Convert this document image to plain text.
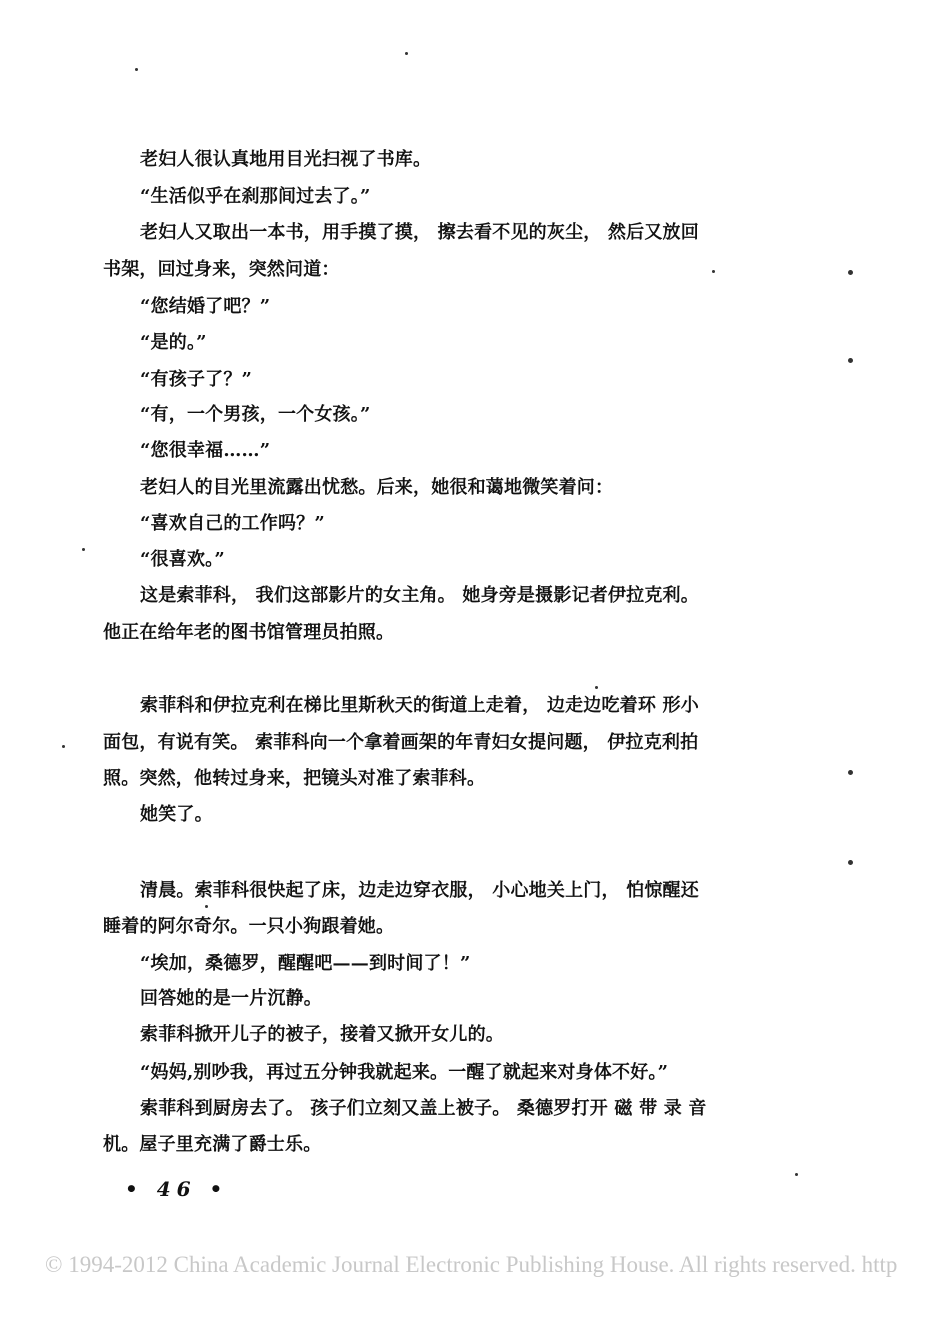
老妇人很认真地用目光扫视了书库。
“生活似乎在刹那间过去了。”
老妇人又取出一本书，用手摸了摸， 擦去看不见的灰尘， 然后又放回
书架，回过身来，突然问道：
“您结婚了吧？”
“是的。”
“有孩子了？”
“有，一个男孩，一个女孩。”
“您很幸福……”
老妇人的目光里流露出忧愁。后来，她很和蔼地微笑着问：
“喜欢自己的工作吗？”
“很喜欢。”
这是索菲科， 我们这部影片的女主角。 她身旁是摄影记者伊拉克利。
他正在给年老的图书馆管理员拍照。
索菲科和伊拉克利在梯比里斯秋天的街道上走着， 边走边吃着环 形小
面包，有说有笑。 索菲科向一个拿着画架的年青妇女提问题， 伊拉克利拍
照。突然，他转过身来，把镜头对准了索菲科。
她笑了。
清晨。索菲科很快起了床，边走边穿衣服， 小心地关上门， 怕惊醒还
睡着的阿尔奇尔。一只小狗跟着她。
“埃加，桑德罗，醒醒吧——到时间了！”
回答她的是一片沉静。
索菲科掀开儿子的被子，接着又掀开女儿的。
“妈妈,别吵我，再过五分钟我就起来。一醒了就起来对身体不好。”
索菲科到厨房去了。 孩子们立刻又盖上被子。 桑德罗打开 磁 带 录 音
机。屋子里充满了爵士乐。
• 46 •
© 1994-2012 China Academic Journal Electronic Publishing House. All rights reserved. http
